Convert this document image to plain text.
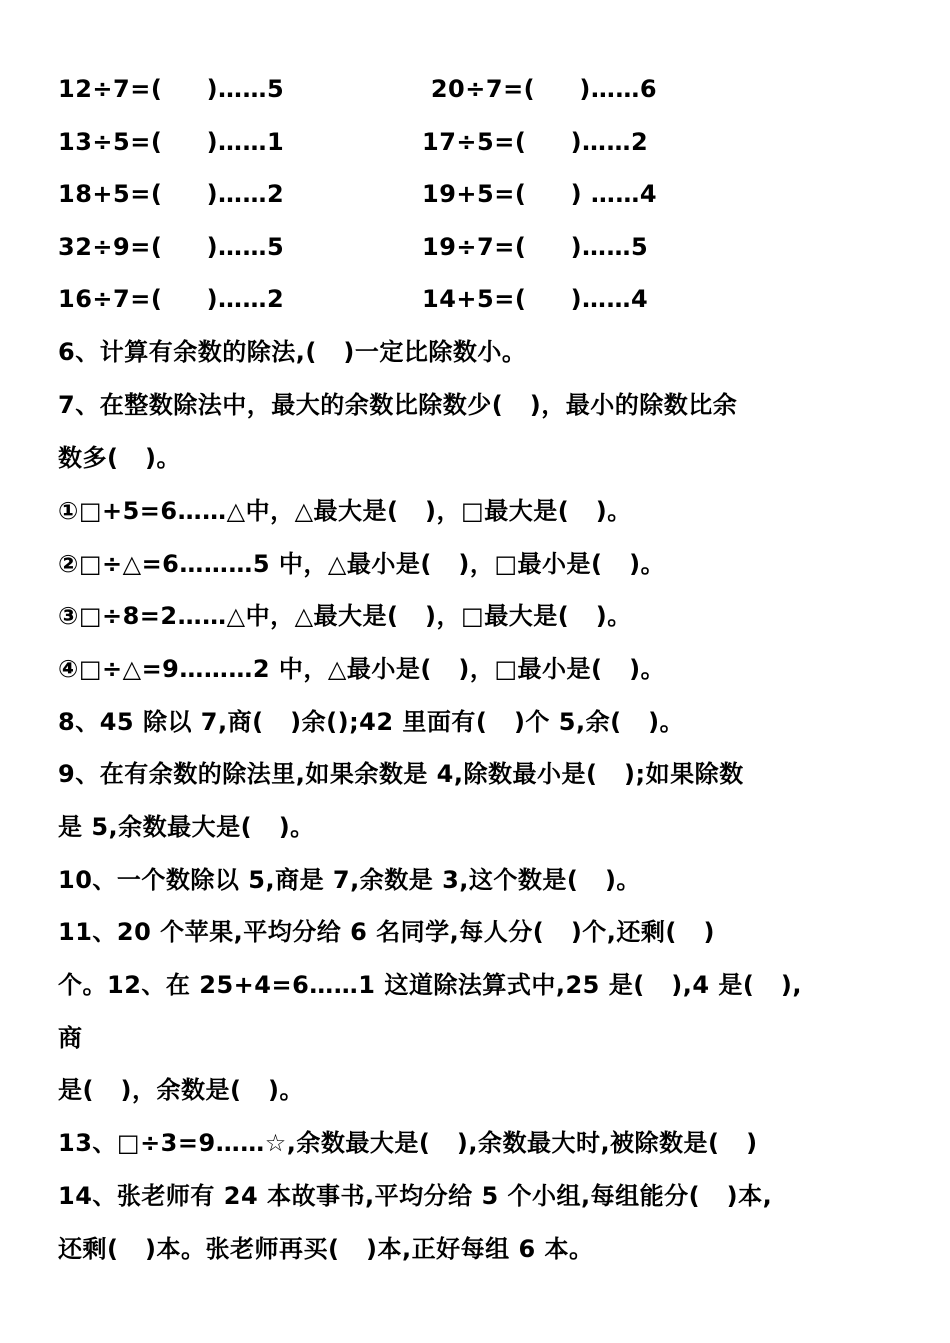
12÷7=(     )……5	20÷7=(     )……6
13÷5=(     )……1	17÷5=(     )……2
18+5=(     )……2	19+5=(     ) ……4
32÷9=(     )……5	19÷7=(     )……5
16÷7=(     )……2	14+5=(     )……4
6、计算有余数的除法,(   )一定比除数小。
7、在整数除法中，最大的余数比除数少(   )，最小的除数比余
数多(   )。
①□+5=6……△中，△最大是(   )，□最大是(   )。
②□÷△=6………5 中，△最小是(   )，□最小是(   )。
③□÷8=2……△中，△最大是(   )，□最大是(   )。
④□÷△=9………2 中，△最小是(   )，□最小是(   )。
8、45 除以 7,商(   )余();42 里面有(   )个 5,余(   )。
9、在有余数的除法里,如果余数是 4,除数最小是(   );如果除数
是 5,余数最大是(   )。
10、一个数除以 5,商是 7,余数是 3,这个数是(   )。
11、20 个苹果,平均分给 6 名同学,每人分(   )个,还剩(   )
个。12、在 25+4=6……1 这道除法算式中,25 是(   ),4 是(   ),
商
是(   )，余数是(   )。
13、□÷3=9……☆,余数最大是(   ),余数最大时,被除数是(   )
14、张老师有 24 本故事书,平均分给 5 个小组,每组能分(   )本,
还剩(   )本。张老师再买(   )本,正好每组 6 本。
